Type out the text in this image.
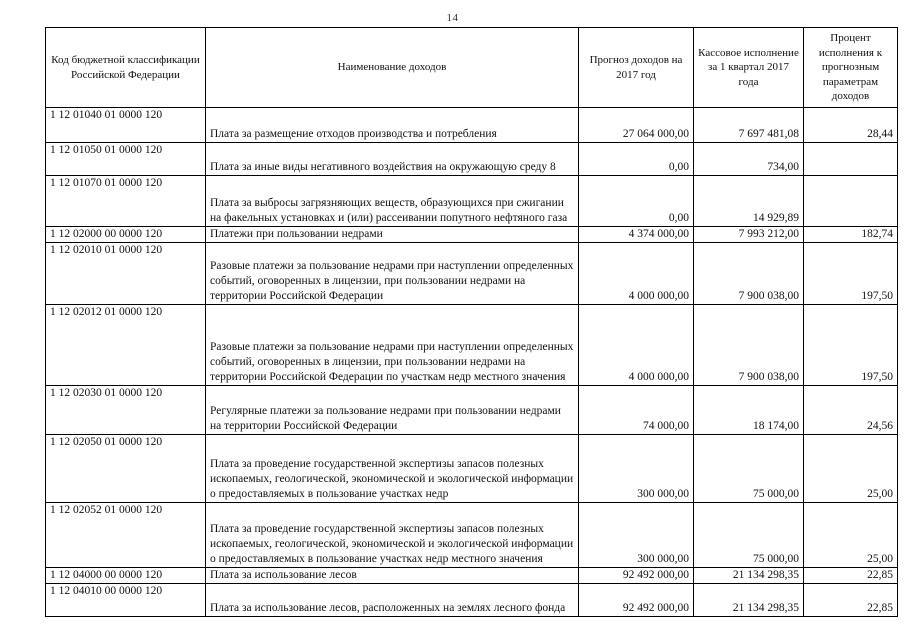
14
Код бюджетной классификации Российской Федерации	Наименование доходов	Прогноз доходов на 2017 год	Кассовое исполнение за 1 квартал 2017 года	Процент исполнения к прогнозным параметрам доходов
1 12 01040 01 0000 120	Плата за размещение отходов производства и потребления	27 064 000,00	7 697 481,08	28,44
1 12 01050 01 0000 120	Плата за иные виды негативного воздействия на окружающую среду 8	0,00	734,00	
1 12 01070 01 0000 120	Плата за выбросы загрязняющих веществ, образующихся при сжигании на факельных установках и (или) рассеивании попутного нефтяного газа	0,00	14 929,89	
1 12 02000 00 0000 120	Платежи при пользовании недрами	4 374 000,00	7 993 212,00	182,74
1 12 02010 01 0000 120	Разовые платежи за пользование недрами при наступлении определенных событий, оговоренных в лицензии, при пользовании недрами на территории Российской Федерации	4 000 000,00	7 900 038,00	197,50
1 12 02012 01 0000 120	Разовые платежи за пользование недрами при наступлении определенных событий, оговоренных в лицензии, при пользовании недрами на территории Российской Федерации по участкам недр местного значения	4 000 000,00	7 900 038,00	197,50
1 12 02030 01 0000 120	Регулярные платежи за пользование недрами при пользовании недрами на территории Российской Федерации	74 000,00	18 174,00	24,56
1 12 02050 01 0000 120	Плата за проведение государственной экспертизы запасов полезных ископаемых, геологической, экономической и экологической информации о предоставляемых в пользование участках недр	300 000,00	75 000,00	25,00
1 12 02052 01 0000 120	Плата за проведение государственной экспертизы запасов полезных ископаемых, геологической, экономической и экологической информации о предоставляемых в пользование участках недр местного значения	300 000,00	75 000,00	25,00
1 12 04000 00 0000 120	Плата за использование лесов	92 492 000,00	21 134 298,35	22,85
1 12 04010 00 0000 120	Плата за использование лесов, расположенных на землях лесного фонда	92 492 000,00	21 134 298,35	22,85
